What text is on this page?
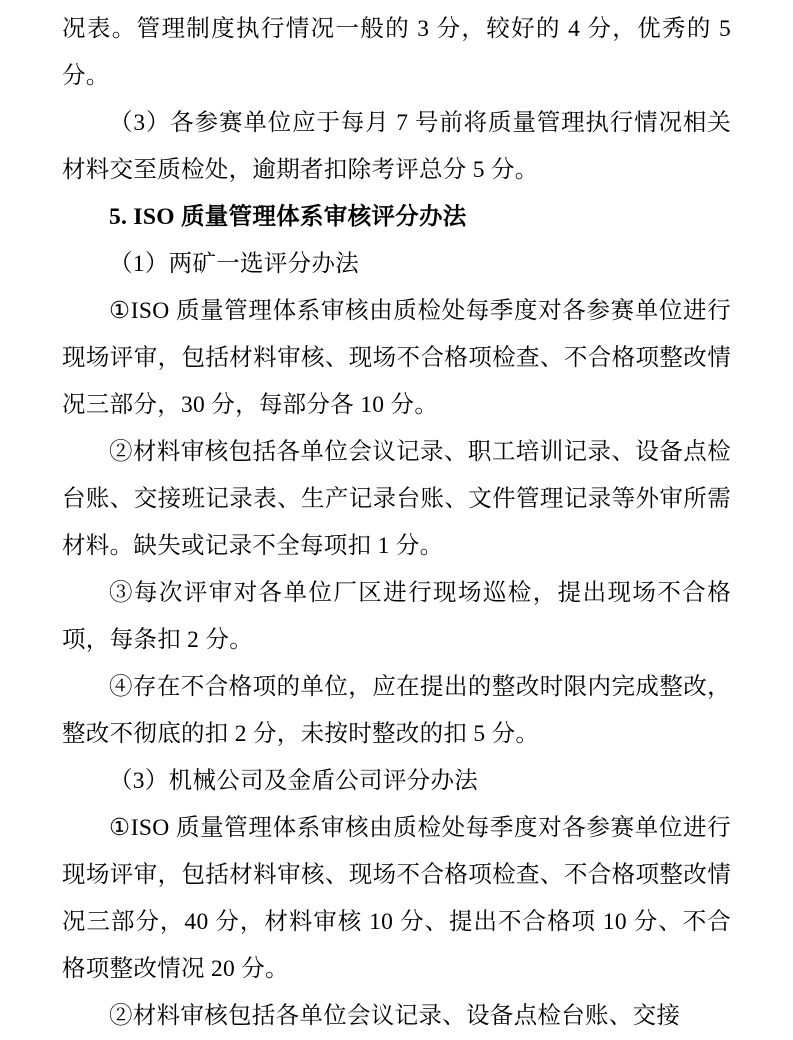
况表。管理制度执行情况一般的 3 分，较好的 4 分，优秀的 5 分。

（3）各参赛单位应于每月 7 号前将质量管理执行情况相关材料交至质检处，逾期者扣除考评总分 5 分。

5. ISO 质量管理体系审核评分办法

（1）两矿一选评分办法

①ISO 质量管理体系审核由质检处每季度对各参赛单位进行现场评审，包括材料审核、现场不合格项检查、不合格项整改情况三部分，30 分，每部分各 10 分。

②材料审核包括各单位会议记录、职工培训记录、设备点检台账、交接班记录表、生产记录台账、文件管理记录等外审所需材料。缺失或记录不全每项扣 1 分。

③每次评审对各单位厂区进行现场巡检，提出现场不合格项，每条扣 2 分。

④存在不合格项的单位，应在提出的整改时限内完成整改，整改不彻底的扣 2 分，未按时整改的扣 5 分。

（3）机械公司及金盾公司评分办法

①ISO 质量管理体系审核由质检处每季度对各参赛单位进行现场评审，包括材料审核、现场不合格项检查、不合格项整改情况三部分，40 分，材料审核 10 分、提出不合格项 10 分、不合格项整改情况 20 分。

②材料审核包括各单位会议记录、设备点检台账、交接
